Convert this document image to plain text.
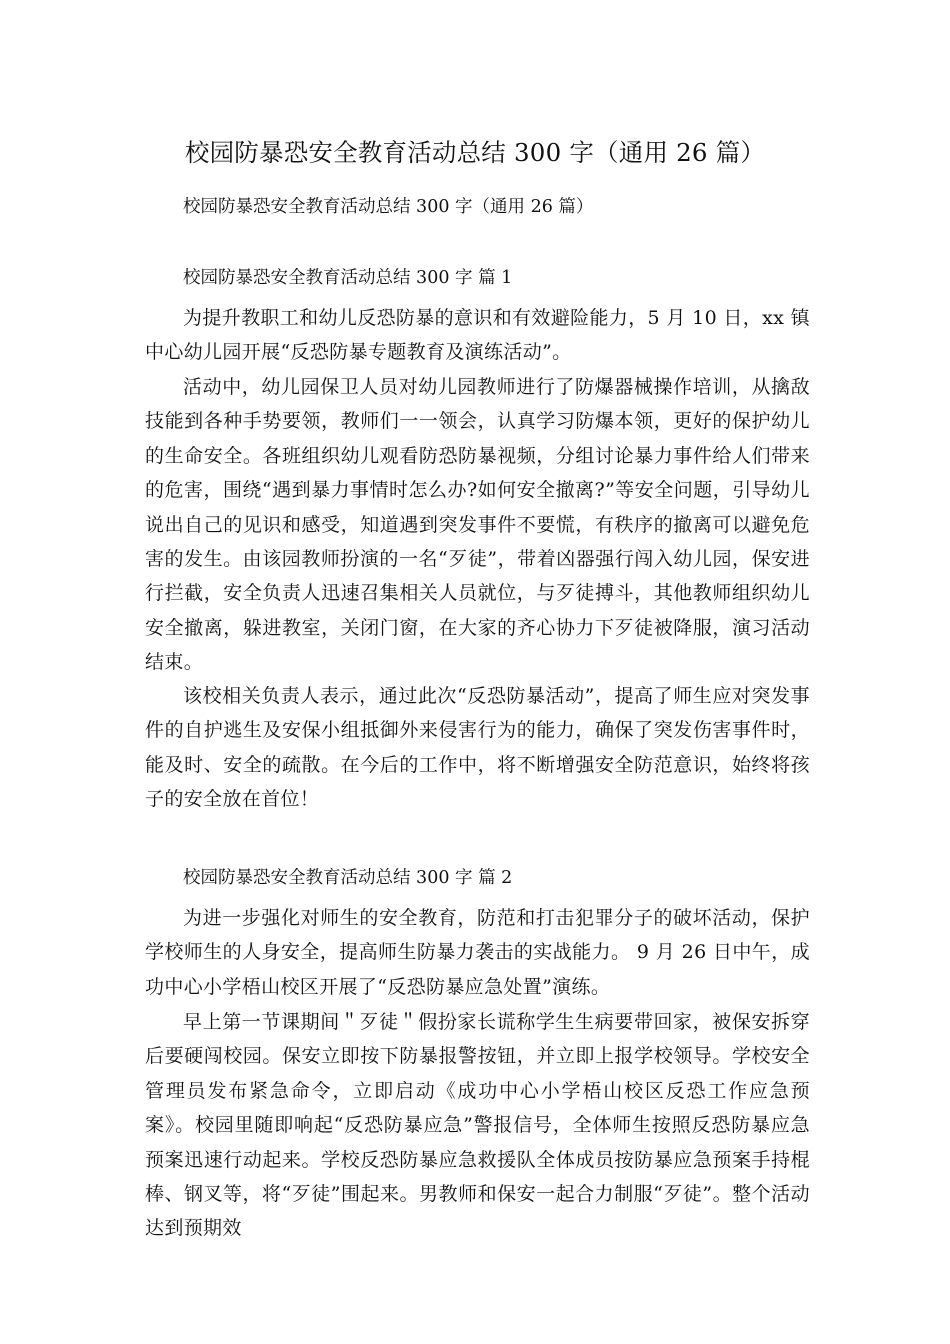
校园防暴恐安全教育活动总结 300 字（通用 26 篇）
校园防暴恐安全教育活动总结 300 字（通用 26 篇）
校园防暴恐安全教育活动总结 300 字 篇 1

为提升教职工和幼儿反恐防暴的意识和有效避险能力，5 月 10 日，xx 镇中心幼儿园开展“反恐防暴专题教育及演练活动”。

活动中，幼儿园保卫人员对幼儿园教师进行了防爆器械操作培训，从擒敌技能到各种手势要领，教师们一一领会，认真学习防爆本领，更好的保护幼儿的生命安全。各班组织幼儿观看防恐防暴视频，分组讨论暴力事件给人们带来的危害，围绕“遇到暴力事情时怎么办?如何安全撤离?”等安全问题，引导幼儿说出自己的见识和感受，知道遇到突发事件不要慌，有秩序的撤离可以避免危害的发生。由该园教师扮演的一名“歹徒”，带着凶器强行闯入幼儿园，保安进行拦截，安全负责人迅速召集相关人员就位，与歹徒搏斗，其他教师组织幼儿安全撤离，躲进教室，关闭门窗，在大家的齐心协力下歹徒被降服，演习活动结束。

该校相关负责人表示，通过此次“反恐防暴活动”，提高了师生应对突发事件的自护逃生及安保小组抵御外来侵害行为的能力，确保了突发伤害事件时，能及时、安全的疏散。在今后的工作中，将不断增强安全防范意识，始终将孩子的安全放在首位！

校园防暴恐安全教育活动总结 300 字 篇 2

为进一步强化对师生的安全教育，防范和打击犯罪分子的破坏活动，保护学校师生的人身安全，提高师生防暴力袭击的实战能力。 9 月 26 日中午，成功中心小学梧山校区开展了“反恐防暴应急处置”演练。

早上第一节课期间＂歹徒＂假扮家长谎称学生生病要带回家，被保安拆穿后要硬闯校园。保安立即按下防暴报警按钮，并立即上报学校领导。学校安全管理员发布紧急命令，立即启动《成功中心小学梧山校区反恐工作应急预案》。校园里随即响起“反恐防暴应急”警报信号，全体师生按照反恐防暴应急预案迅速行动起来。学校反恐防暴应急救援队全体成员按防暴应急预案手持棍棒、钢叉等，将“歹徒”围起来。男教师和保安一起合力制服“歹徒”。整个活动达到预期效
